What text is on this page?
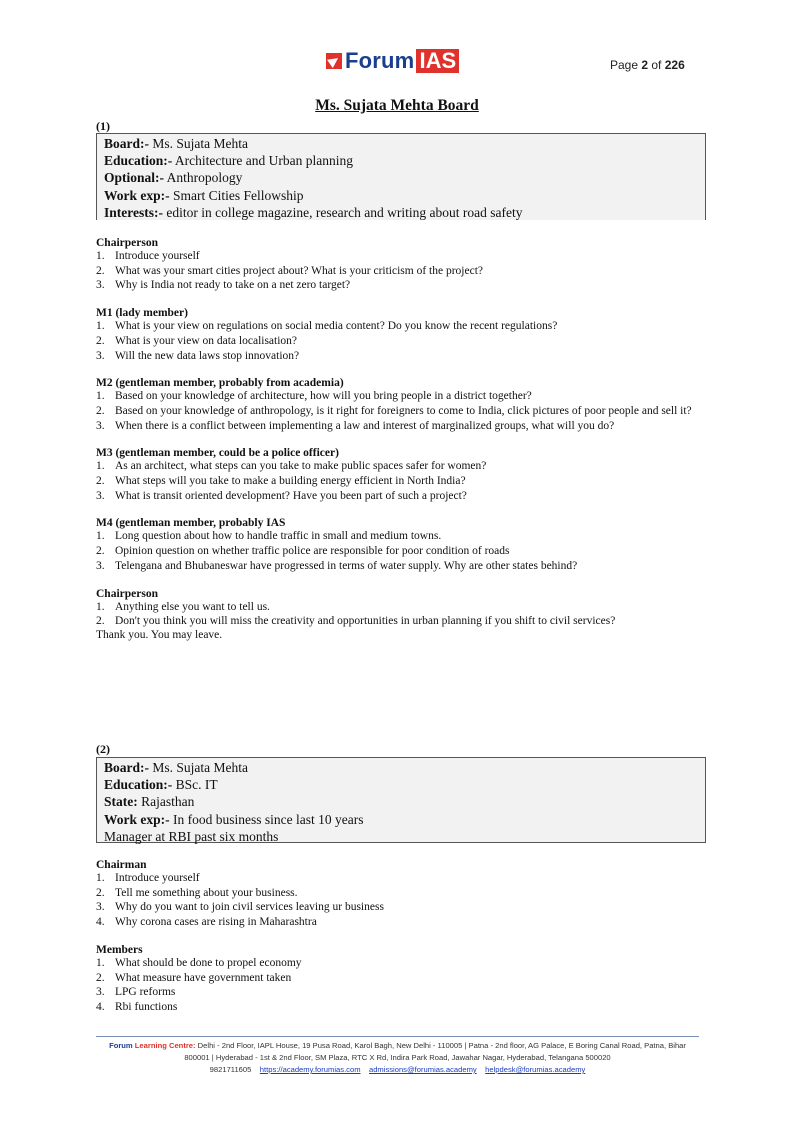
Forum IAS	Page 2 of 226
Ms. Sujata Mehta Board
(1)
Board:- Ms. Sujata Mehta
Education:- Architecture and Urban planning
Optional:- Anthropology
Work exp:- Smart Cities Fellowship
Interests:- editor in college magazine, research and writing about road safety
Chairperson
1. Introduce yourself
2. What was your smart cities project about? What is your criticism of the project?
3. Why is India not ready to take on a net zero target?
M1 (lady member)
1. What is your view on regulations on social media content? Do you know the recent regulations?
2. What is your view on data localisation?
3. Will the new data laws stop innovation?
M2 (gentleman member, probably from academia)
1. Based on your knowledge of architecture, how will you bring people in a district together?
2. Based on your knowledge of anthropology, is it right for foreigners to come to India, click pictures of poor people and sell it?
3. When there is a conflict between implementing a law and interest of marginalized groups, what will you do?
M3 (gentleman member, could be a police officer)
1. As an architect, what steps can you take to make public spaces safer for women?
2. What steps will you take to make a building energy efficient in North India?
3. What is transit oriented development? Have you been part of such a project?
M4 (gentleman member, probably IAS
1. Long question about how to handle traffic in small and medium towns.
2. Opinion question on whether traffic police are responsible for poor condition of roads
3. Telengana and Bhubaneswar have progressed in terms of water supply. Why are other states behind?
Chairperson
1. Anything else you want to tell us.
2. Don't you think you will miss the creativity and opportunities in urban planning if you shift to civil services?
Thank you. You may leave.
(2)
Board:- Ms. Sujata Mehta
Education:- BSc. IT
State: Rajasthan
Work exp:- In food business since last 10 years
Manager at RBI past six months
Chairman
1. Introduce yourself
2. Tell me something about your business.
3. Why do you want to join civil services leaving ur business
4. Why corona cases are rising in Maharashtra
Members
1. What should be done to propel economy
2. What measure have government taken
3. LPG reforms
4. Rbi functions
Forum Learning Centre: Delhi - 2nd Floor, IAPL House, 19 Pusa Road, Karol Bagh, New Delhi - 110005 | Patna - 2nd floor, AG Palace, E Boring Canal Road, Patna, Bihar 800001 | Hyderabad - 1st & 2nd Floor, SM Plaza, RTC X Rd, Indira Park Road, Jawahar Nagar, Hyderabad, Telangana 500020
9821711605 https://academy.forumias.com admissions@forumias.academy helpdesk@forumias.academy
